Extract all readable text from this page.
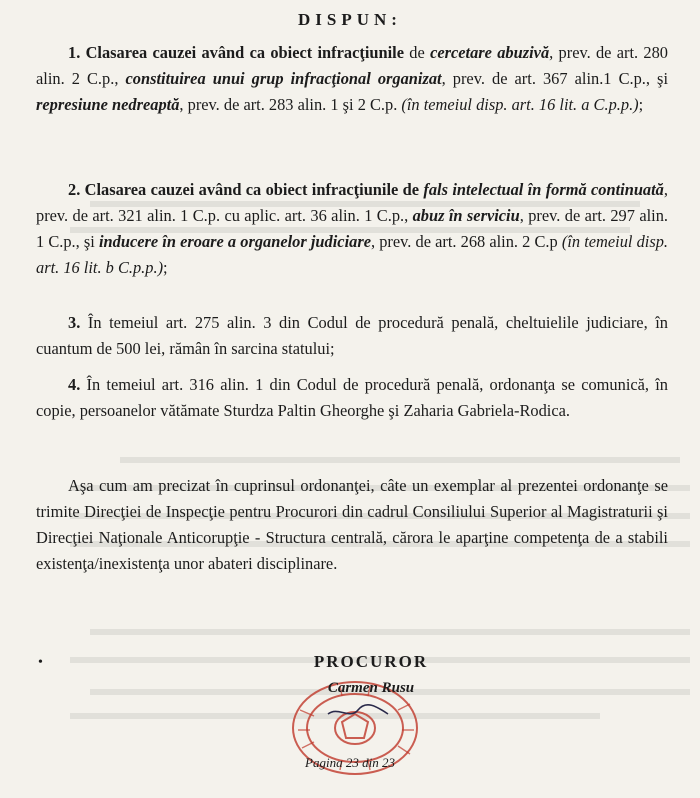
DISPUN:
1. Clasarea cauzei având ca obiect infracţiunile de cercetare abuzivă, prev. de art. 280 alin. 2 C.p., constituirea unui grup infracţional organizat, prev. de art. 367 alin.1 C.p., şi represiune nedreaptă, prev. de art. 283 alin. 1 şi 2 C.p. (în temeiul disp. art. 16 lit. a C.p.p.);
2. Clasarea cauzei având ca obiect infracţiunile de fals intelectual în formă continuată, prev. de art. 321 alin. 1 C.p. cu aplic. art. 36 alin. 1 C.p., abuz în serviciu, prev. de art. 297 alin. 1 C.p., şi inducere în eroare a organelor judiciare, prev. de art. 268 alin. 2 C.p (în temeiul disp. art. 16 lit. b C.p.p.);
3. În temeiul art. 275 alin. 3 din Codul de procedură penală, cheltuielile judiciare, în cuantum de 500 lei, rămân în sarcina statului;
4. În temeiul art. 316 alin. 1 din Codul de procedură penală, ordonanţa se comunică, în copie, persoanelor vătămate Sturdza Paltin Gheorghe şi Zaharia Gabriela-Rodica.
Aşa cum am precizat în cuprinsul ordonanţei, câte un exemplar al prezentei ordonanţe se trimite Direcţiei de Inspecţie pentru Procurori din cadrul Consiliului Superior al Magistraturii şi Direcţiei Naţionale Anticorupţie - Structura centrală, cărora le aparţine competenţa de a stabili existenţa/inexistenţa unor abateri disciplinare.
•	PROCUROR
Carmen Rusu
Pagina 23 din 23
